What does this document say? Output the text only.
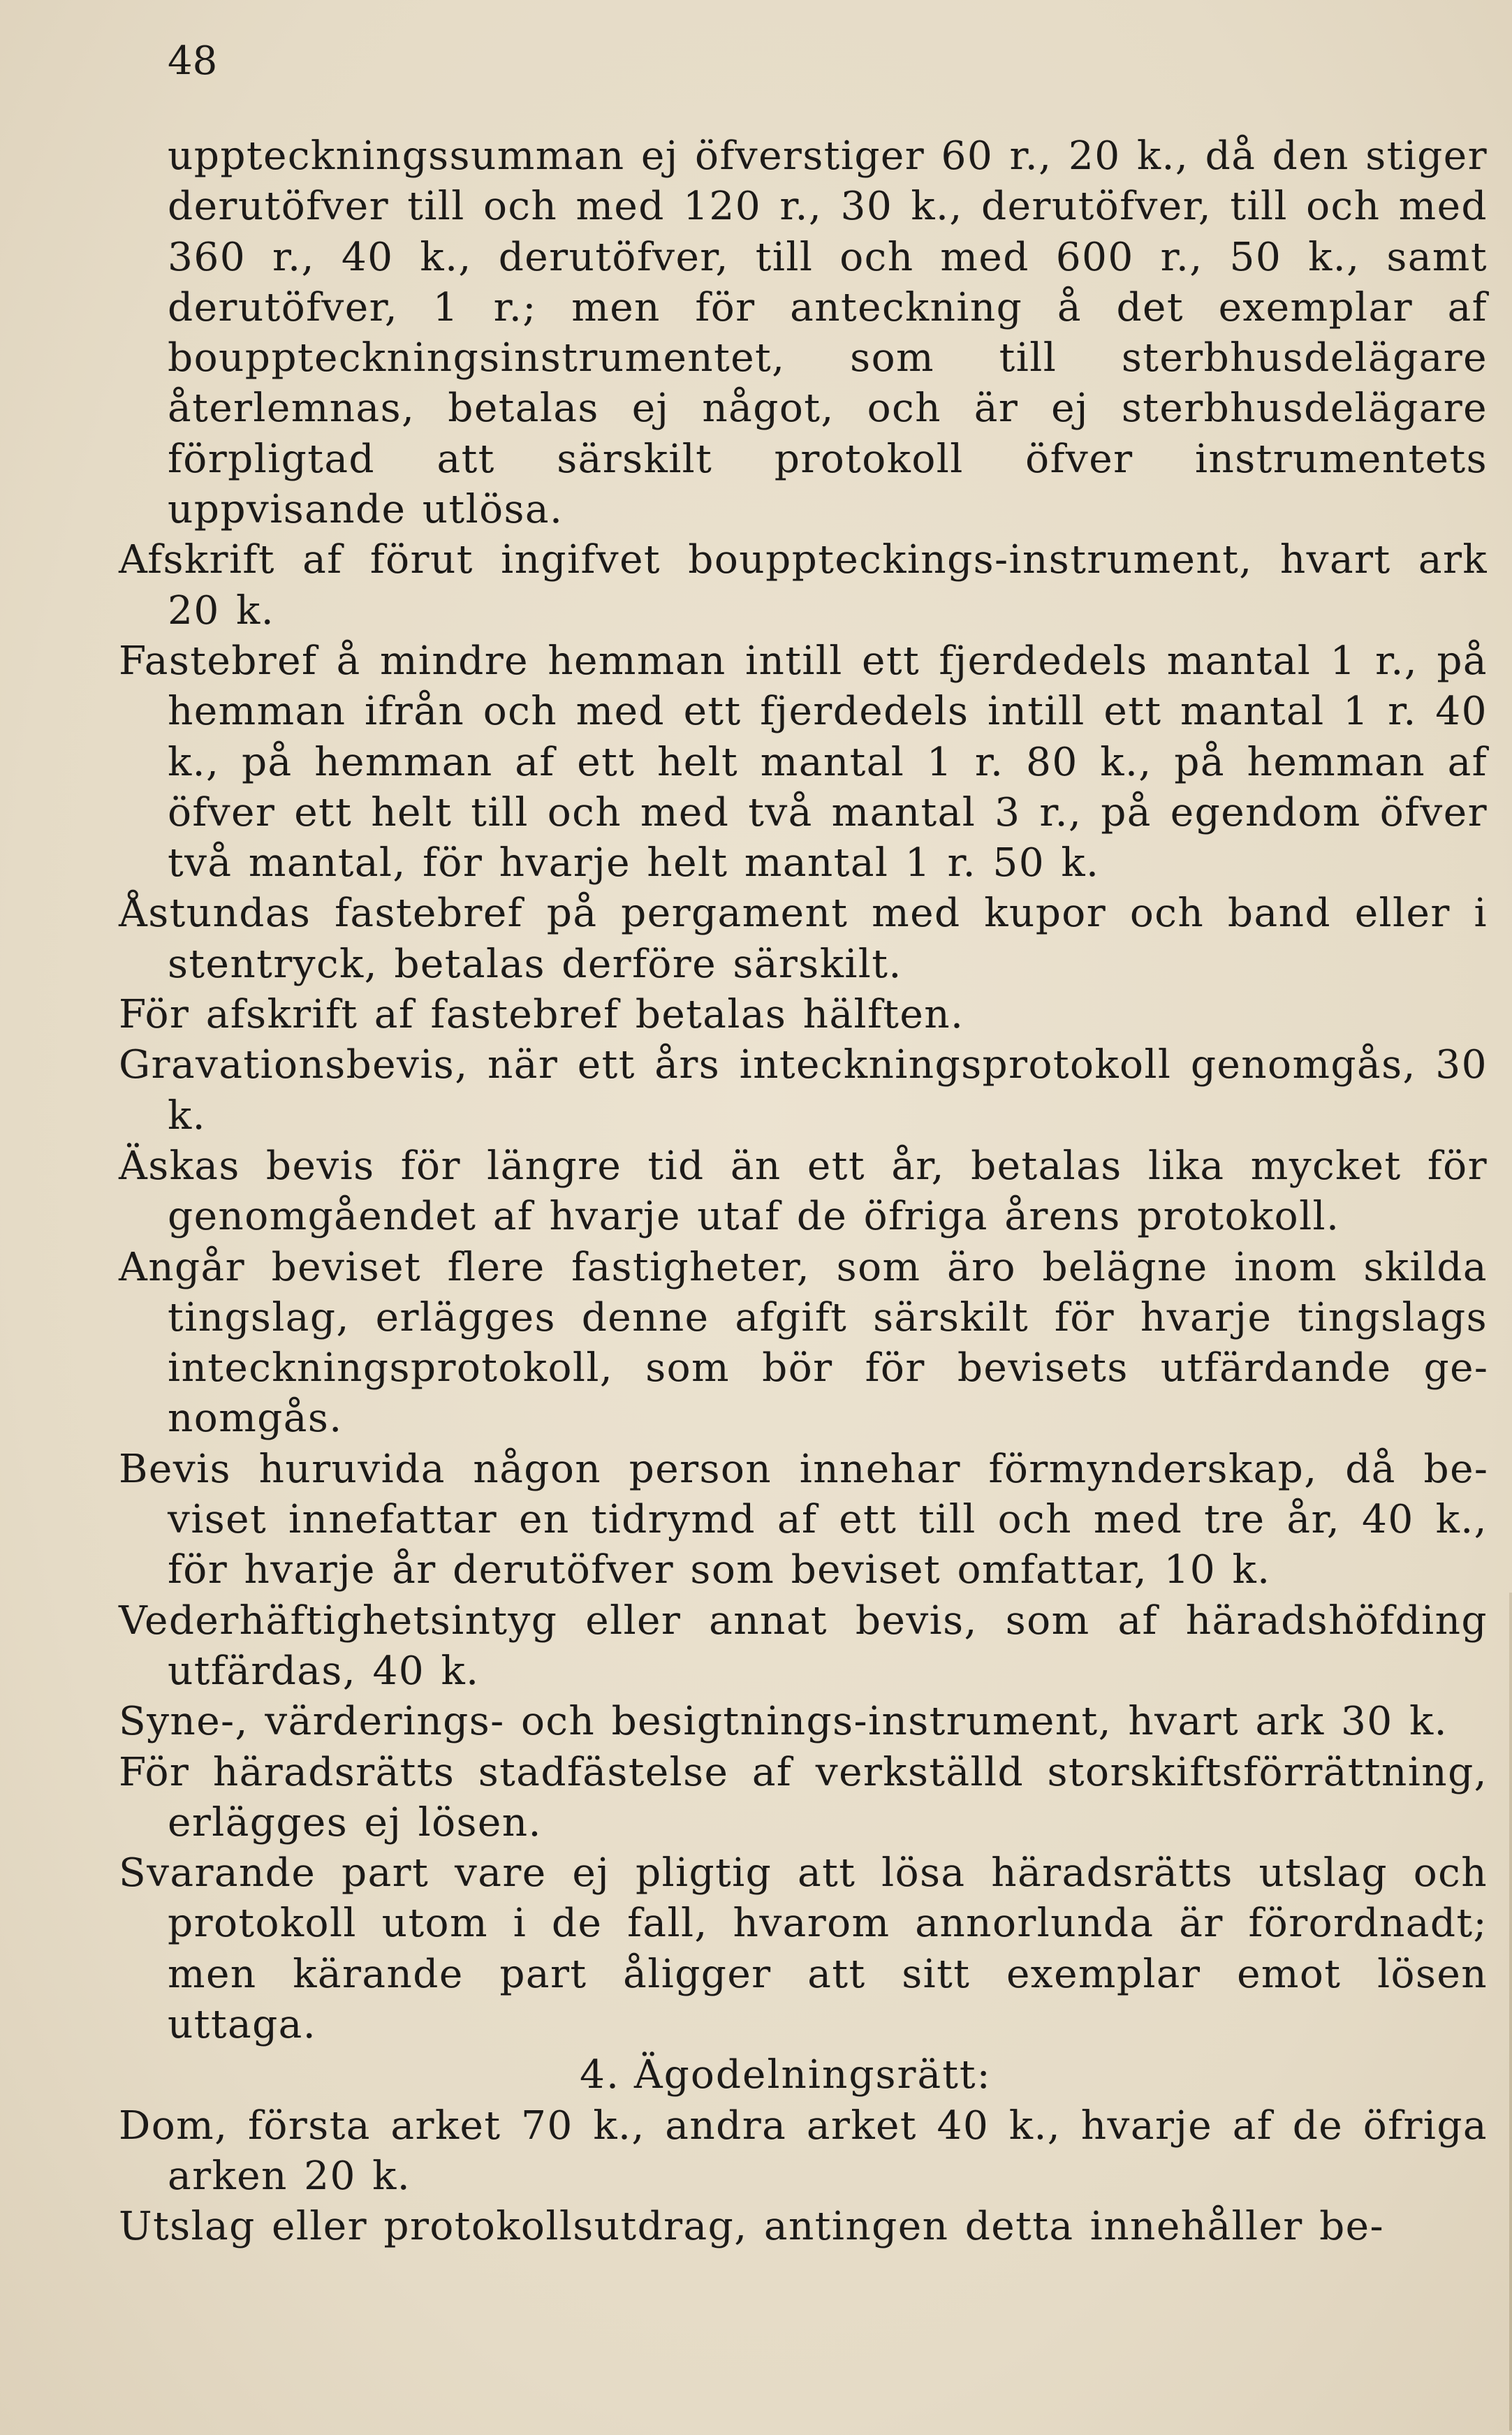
48

uppteckningssumman ej öfverstiger 60 r., 20 k., då den stiger derutöfver till och med 120 r., 30 k., derutöfver, till och med 360 r., 40 k., derutöfver, till och med 600 r., 50 k., samt derutöfver, 1 r.; men för anteckning å det exemplar af bouppteckningsinstrumentet, som till sterbhusdelägare återlemnas, betalas ej något, och är ej sterbhusdelägare förpligtad att särskilt protokoll öfver instrumentets uppvisande utlösa.

Afskrift af förut ingifvet bouppteckings-instrument, hvart ark 20 k.

Fastebref å mindre hemman intill ett fjerdedels mantal 1 r., på hemman ifrån och med ett fjerdedels intill ett mantal 1 r. 40 k., på hemman af ett helt mantal 1 r. 80 k., på hemman af öfver ett helt till och med två mantal 3 r., på egendom öfver två mantal, för hvarje helt mantal 1 r. 50 k.

Åstundas fastebref på pergament med kupor och band eller i stentryck, betalas derföre särskilt.

För afskrift af fastebref betalas hälften.

Gravationsbevis, när ett års inteckningsprotokoll genomgås, 30 k.

Äskas bevis för längre tid än ett år, betalas lika mycket för genomgåendet af hvarje utaf de öfriga årens protokoll.

Angår beviset flere fastigheter, som äro belägne inom skilda tingslag, erlägges denne afgift särskilt för hvarje tingslags inteckningsprotokoll, som bör för bevisets utfärdande genomgås.

Bevis huruvida någon person innehar förmynderskap, då beviset innefattar en tidrymd af ett till och med tre år, 40 k., för hvarje år derutöfver som beviset omfattar, 10 k.

Vederhäftighetsintyg eller annat bevis, som af häradshöfding utfärdas, 40 k.

Syne-, värderings- och besigtnings-instrument, hvart ark 30 k.

För häradsrätts stadfästelse af verkställd storskiftsförrättning, erlägges ej lösen.

Svarande part vare ej pligtig att lösa häradsrätts utslag och protokoll utom i de fall, hvarom annorlunda är förordnadt; men kärande part åligger att sitt exemplar emot lösen uttaga.

4. Ägodelningsrätt:

Dom, första arket 70 k., andra arket 40 k., hvarje af de öfriga arken 20 k.

Utslag eller protokollsutdrag, antingen detta innehåller be-
